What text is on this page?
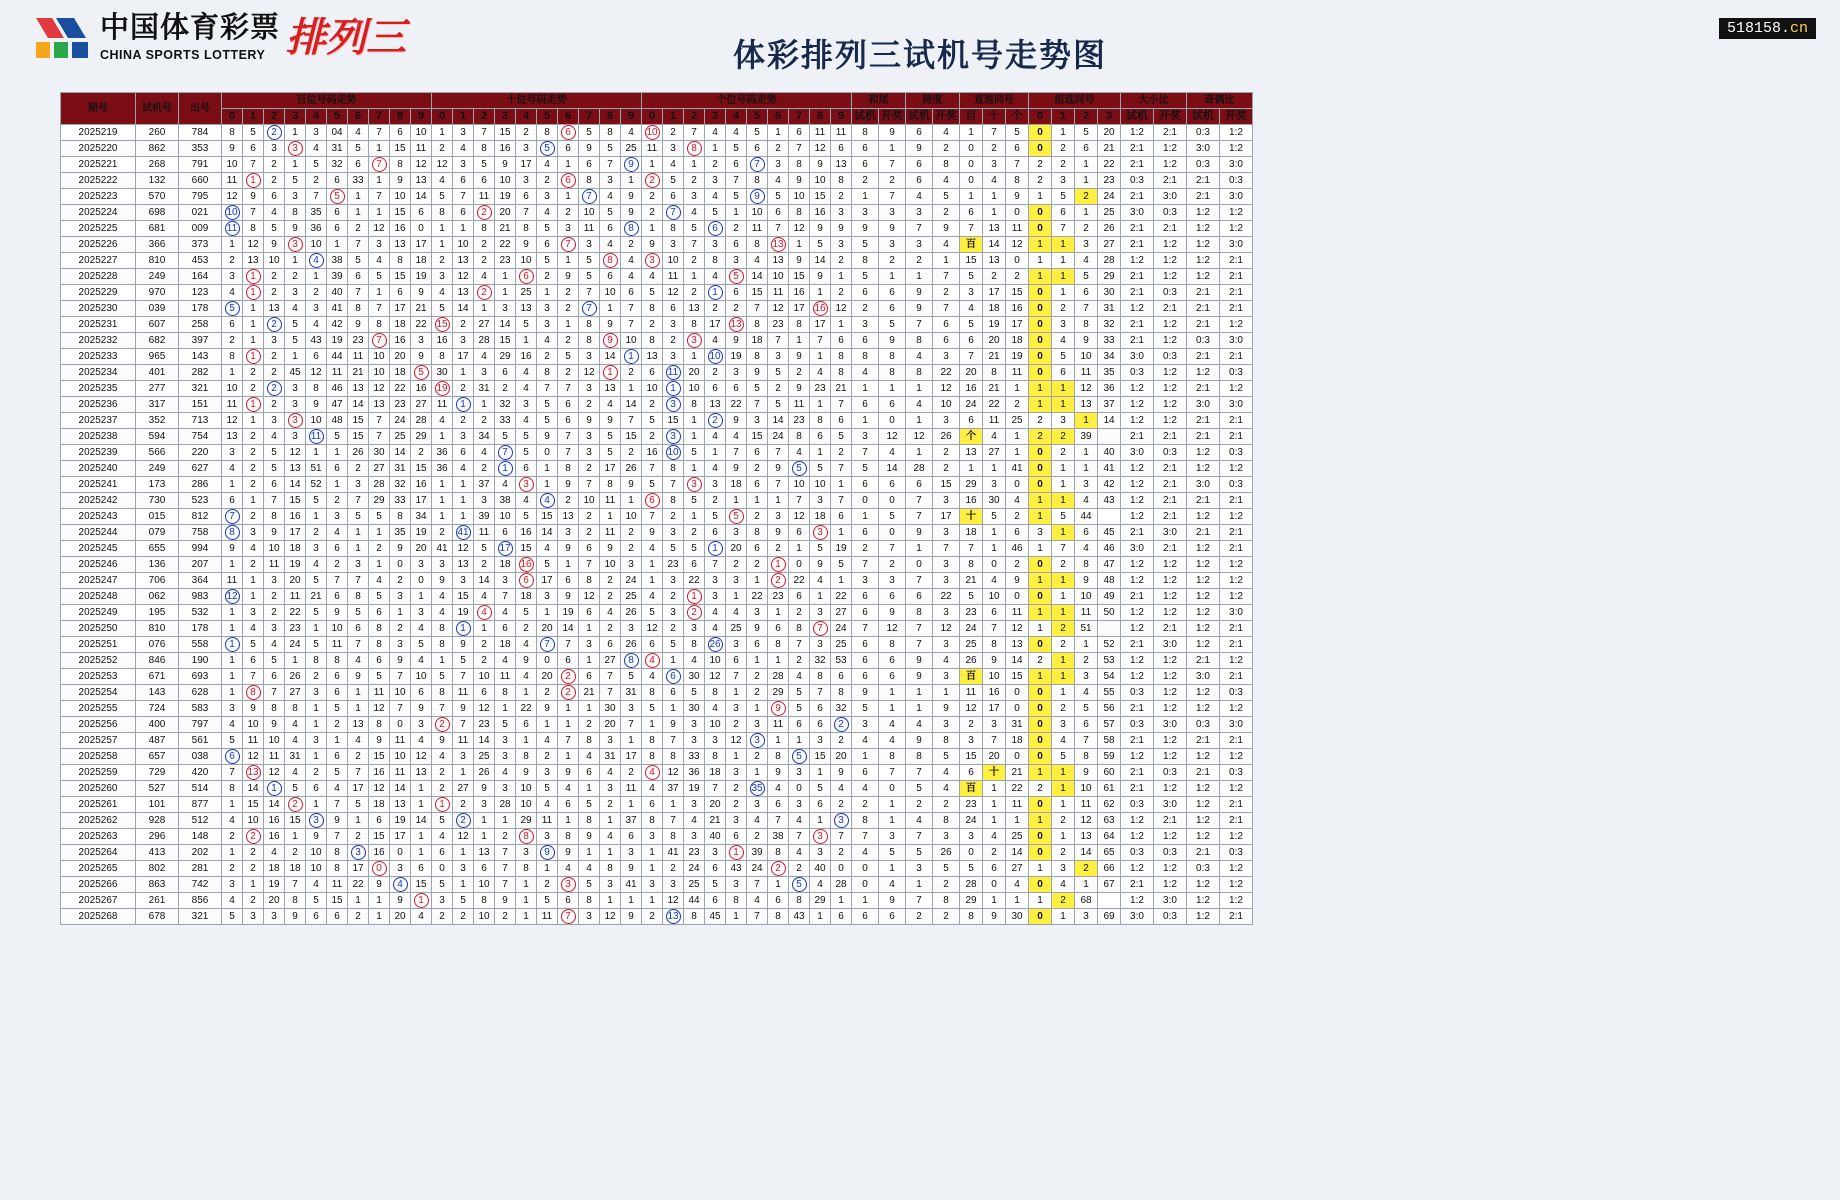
中国体育彩票
CHINA SPORTS LOTTERY 排列三	体彩排列三试机号走势图
518158.cn
期号	试机号	出号	百位号码走势										十位号码走势										个位号码走势										和尾		跨度		直选同号			组选同号				大小比		奇偶比	
			0	1	2	3	4	5	6	7	8	9	0	1	2	3	4	5	6	7	8	9	0	1	2	3	4	5	6	7	8	9	试机	开奖	试机	开奖	百	十	个	0	1	2	3	试机	开奖	试机	开奖
2025219	260	784	8	5	2	1	3	04	4	7	6	10	1	3	7	15	2	8	6	5	8	4	10	2	7	4	4	5	1	6	11	11	8	9	6	4	1	7	5	0	1	5	20	1:2	2:1	0:3	1:2
2025220	862	353	9	6	3	3	4	31	5	1	15	11	2	4	8	16	3	5	6	9	5	25	11	3	8	1	5	6	2	7	12	6	6	1	9	2	0	2	6	0	2	6	21	2:1	1:2	3:0	1:2
2025221	268	791	10	7	2	1	5	32	6	7	8	12	12	3	5	9	17	4	1	6	7	9	1	4	1	2	6	7	3	8	9	13	6	7	6	8	0	3	7	2	2	1	22	2:1	1:2	0:3	3:0
2025222	132	660	11	1	2	5	2	6	33	1	9	13	4	6	6	10	3	2	6	8	3	1	2	5	2	3	7	8	4	9	10	8	2	2	6	4	0	4	8	2	3	1	23	0:3	2:1	2:1	0:3
2025223	570	795	12	9	6	3	7	5	1	7	10	14	5	7	11	19	6	3	1	7	4	9	2	6	3	4	5	9	5	10	15	2	1	7	4	5	1	1	9	1	5	2	24	2:1	3:0	2:1	3:0
2025224	698	021	10	7	4	8	35	6	1	1	15	6	8	6	2	20	7	4	2	10	5	9	2	7	4	5	1	10	6	8	16	3	3	3	3	2	6	1	0	0	6	1	25	3:0	0:3	1:2	1:2
2025225	681	009	11	8	5	9	36	6	2	12	16	0	1	1	8	21	8	5	3	11	6	8	1	8	5	6	2	11	7	12	9	9	9	9	7	9	7	13	11	0	7	2	26	2:1	2:1	1:2	1:2
2025226	366	373	1	12	9	3	10	1	7	3	13	17	1	10	2	22	9	6	7	3	4	2	9	3	7	3	6	8	13	1	5	3	5	3	3	4	百	14	12	1	1	3	27	2:1	1:2	1:2	3:0
2025227	810	453	2	13	10	1	4	38	5	4	8	18	2	13	2	23	10	5	1	5	8	4	3	10	2	8	3	4	13	9	14	2	8	2	2	1	15	13	0	1	1	4	28	1:2	1:2	1:2	2:1
2025228	249	164	3	1	2	2	1	39	6	5	15	19	3	12	4	1	6	2	9	5	6	4	4	11	1	4	5	14	10	15	9	1	5	1	1	7	5	2	2	1	1	5	29	2:1	1:2	1:2	2:1
2025229	970	123	4	1	2	3	2	40	7	1	6	9	4	13	2	1	25	1	2	7	10	6	5	12	2	1	6	15	11	16	1	2	6	6	9	2	3	17	15	0	1	6	30	2:1	0:3	2:1	2:1
2025230	039	178	5	1	13	4	3	41	8	7	17	21	5	14	1	3	13	3	2	7	1	7	8	6	13	2	2	7	12	17	16	12	2	6	9	7	4	18	16	0	2	7	31	1:2	2:1	2:1	2:1
2025231	607	258	6	1	2	5	4	42	9	8	18	22	15	2	27	14	5	3	1	8	9	7	2	3	8	17	13	8	23	8	17	1	3	5	7	6	5	19	17	0	3	8	32	2:1	1:2	2:1	1:2
2025232	682	397	2	1	3	5	43	19	23	7	16	3	16	3	28	15	1	4	2	8	9	10	8	2	3	4	9	18	7	1	7	6	6	9	8	6	6	20	18	0	4	9	33	2:1	1:2	0:3	3:0
2025233	965	143	8	1	2	1	6	44	11	10	20	9	8	17	4	29	16	2	5	3	14	1	13	3	1	10	19	8	3	9	1	8	8	8	4	3	7	21	19	0	5	10	34	3:0	0:3	2:1	2:1
2025234	401	282	1	2	2	45	12	11	21	10	18	5	30	1	3	6	4	8	2	12	1	2	6	11	20	2	3	9	5	2	4	8	4	8	8	22	20	8	11	0	6	11	35	0:3	1:2	1:2	0:3
2025235	277	321	10	2	2	3	8	46	13	12	22	16	19	2	31	2	4	7	7	3	13	1	10	1	10	6	6	5	2	9	23	21	1	1	1	12	16	21	1	1	1	12	36	1:2	1:2	2:1	1:2
2025236	317	151	11	1	2	3	9	47	14	13	23	27	11	1	1	32	3	5	6	2	4	14	2	3	8	13	22	7	5	11	1	7	6	6	4	10	24	22	2	1	1	13	37	1:2	1:2	3:0	3:0
2025237	352	713	12	1	3	3	10	48	15	7	24	28	4	2	2	33	4	5	6	9	9	7	5	15	1	2	9	3	14	23	8	6	1	0	1	3	6	11	25	2	3	1	14	1:2	1:2	2:1	2:1
2025238	594	754	13	2	4	3	11	5	15	7	25	29	1	3	34	5	5	9	7	3	5	15	2	3	1	4	4	15	24	8	6	5	3	12	12	26	个	4	1	2	2	39		2:1	2:1	2:1	2:1
2025239	566	220	3	2	5	12	1	1	26	30	14	2	36	6	4	7	5	0	7	3	5	2	16	10	5	1	7	6	7	4	1	2	7	4	1	2	13	27	1	0	2	1	40	3:0	0:3	1:2	0:3
2025240	249	627	4	2	5	13	51	6	2	27	31	15	36	4	2	1	6	1	8	2	17	26	7	8	1	4	9	2	9	5	5	7	5	14	28	2	1	1	41	0	1	1	41	1:2	2:1	1:2	1:2
2025241	173	286	1	2	6	14	52	1	3	28	32	16	1	1	37	4	3	1	9	7	8	9	5	7	3	3	18	6	7	10	10	1	6	6	6	15	29	3	0	0	1	3	42	1:2	2:1	3:0	0:3
2025242	730	523	6	1	7	15	5	2	7	29	33	17	1	1	3	38	4	4	2	10	11	1	6	8	5	2	1	1	1	7	3	7	0	0	7	3	16	30	4	1	1	4	43	1:2	2:1	2:1	2:1
2025243	015	812	7	2	8	16	1	3	5	5	8	34	1	1	39	10	5	15	13	2	1	10	7	2	1	5	5	2	3	12	18	6	1	5	7	17	十	5	2	1	5	44		1:2	2:1	1:2	1:2
2025244	079	758	8	3	9	17	2	4	1	1	35	19	2	41	11	6	16	14	3	2	11	2	9	3	2	6	3	8	9	6	3	1	6	0	9	3	18	1	6	3	1	6	45	2:1	3:0	2:1	2:1
2025245	655	994	9	4	10	18	3	6	1	2	9	20	41	12	5	17	15	4	9	6	9	2	4	5	5	1	20	6	2	1	5	19	2	7	1	7	7	1	46	1	7	4	46	3:0	2:1	1:2	2:1
2025246	136	207	1	2	11	19	4	2	3	1	0	3	3	13	2	18	16	5	1	7	10	3	1	23	6	7	2	2	1	0	9	5	7	2	0	3	8	0	2	0	2	8	47	1:2	1:2	1:2	1:2
2025247	706	364	11	1	3	20	5	7	7	4	2	0	9	3	14	3	6	17	6	8	2	24	1	3	22	3	3	1	2	22	4	1	3	3	7	3	21	4	9	1	1	9	48	1:2	1:2	1:2	1:2
2025248	062	983	12	1	2	11	21	6	8	5	3	1	4	15	4	7	18	3	9	12	2	25	4	2	1	3	1	22	23	6	1	22	6	6	6	22	5	10	0	0	1	10	49	2:1	1:2	1:2	1:2
2025249	195	532	1	3	2	22	5	9	5	6	1	3	4	19	4	4	5	1	19	6	4	26	5	3	2	4	4	3	1	2	3	27	6	9	8	3	23	6	11	1	1	11	50	1:2	1:2	1:2	3:0
2025250	810	178	1	4	3	23	1	10	6	8	2	4	8	1	1	6	2	20	14	1	2	3	12	2	3	4	25	9	6	8	7	24	7	12	7	12	24	7	12	1	2	51		1:2	2:1	1:2	2:1
2025251	076	558	1	5	4	24	5	11	7	8	3	5	8	9	2	18	4	7	7	3	6	26	6	5	8	26	3	6	8	7	3	25	6	8	7	3	25	8	13	0	2	1	52	2:1	3:0	1:2	2:1
2025252	846	190	1	6	5	1	8	8	4	6	9	4	1	5	2	4	9	0	6	1	27	8	4	1	4	10	6	1	1	2	32	53	6	6	9	4	26	9	14	2	1	2	53	1:2	1:2	2:1	1:2
2025253	671	693	1	7	6	26	2	6	9	5	7	10	5	7	10	11	4	20	2	6	7	5	4	6	30	12	7	2	28	4	8	6	6	6	9	3	百	10	15	1	1	3	54	1:2	1:2	3:0	2:1
2025254	143	628	1	8	7	27	3	6	1	11	10	6	8	11	6	8	1	2	2	21	7	31	8	6	5	8	1	2	29	5	7	8	9	1	1	1	11	16	0	0	1	4	55	0:3	1:2	1:2	0:3
2025255	724	583	3	9	8	8	1	5	1	12	7	9	7	9	12	1	22	9	1	1	30	3	5	1	30	4	3	1	9	5	6	32	5	1	1	9	12	17	0	0	2	5	56	2:1	1:2	1:2	1:2
2025256	400	797	4	10	9	4	1	2	13	8	0	3	2	7	23	5	6	1	1	2	20	7	1	9	3	10	2	3	11	6	6	2	3	4	4	3	2	3	31	0	3	6	57	0:3	3:0	0:3	3:0
2025257	487	561	5	11	10	4	3	1	4	9	11	4	9	11	14	3	1	4	7	8	3	1	8	7	3	3	12	3	1	1	3	2	4	4	9	8	3	7	18	0	4	7	58	2:1	1:2	2:1	2:1
2025258	657	038	6	12	11	31	1	6	2	15	10	12	4	3	25	3	8	2	1	4	31	17	8	8	33	8	1	2	8	5	15	20	1	8	8	5	15	20	0	0	5	8	59	1:2	1:2	1:2	1:2
2025259	729	420	7	13	12	4	2	5	7	16	11	13	2	1	26	4	9	3	9	6	4	2	4	12	36	18	3	1	9	3	1	9	6	7	7	4	6	十	21	1	1	9	60	2:1	0:3	2:1	0:3
2025260	527	514	8	14	1	5	6	4	17	12	14	1	2	27	9	3	10	5	4	1	3	11	4	37	19	7	2	35	4	0	5	4	4	0	5	4	百	1	22	2	1	10	61	2:1	1:2	1:2	1:2
2025261	101	877	1	15	14	2	1	7	5	18	13	1	1	2	3	28	10	4	6	5	2	1	6	1	3	20	2	3	6	3	6	2	2	1	2	2	23	1	11	0	1	11	62	0:3	3:0	1:2	2:1
2025262	928	512	4	10	16	15	3	9	1	6	19	14	5	2	1	1	29	11	1	8	1	37	8	7	4	21	3	4	7	4	1	3	8	1	4	8	24	1	1	1	2	12	63	1:2	2:1	1:2	2:1
2025263	296	148	2	2	16	1	9	7	2	15	17	1	4	12	1	2	8	3	8	9	4	6	3	8	3	40	6	2	38	7	3	7	7	3	7	3	3	4	25	0	1	13	64	1:2	1:2	1:2	1:2
2025264	413	202	1	2	4	2	10	8	3	16	0	1	6	1	13	7	3	9	9	1	1	3	1	41	23	3	1	39	8	4	3	2	4	5	5	26	0	2	14	0	2	14	65	0:3	0:3	2:1	0:3
2025265	802	281	2	2	18	18	10	8	17	0	3	6	0	3	6	7	8	1	4	4	8	9	1	2	24	6	43	24	2	2	40	0	0	1	3	5	5	6	27	1	3	2	66	1:2	1:2	0:3	1:2
2025266	863	742	3	1	19	7	4	11	22	9	4	15	5	1	10	7	1	2	3	5	3	41	3	3	25	5	3	7	1	5	4	28	0	4	1	2	28	0	4	0	4	1	67	2:1	1:2	1:2	1:2
2025267	261	856	4	2	20	8	5	15	1	1	9	1	3	5	8	9	1	5	6	8	1	1	1	12	44	6	8	4	6	8	29	1	1	9	7	8	29	1	1	1	2	68		1:2	3:0	1:2	1:2
2025268	678	321	5	3	3	9	6	6	2	1	20	4	2	2	10	2	1	11	7	3	12	9	2	13	8	45	1	7	8	43	1	6	6	6	2	2	8	9	30	0	1	3	69	3:0	0:3	1:2	2:1
